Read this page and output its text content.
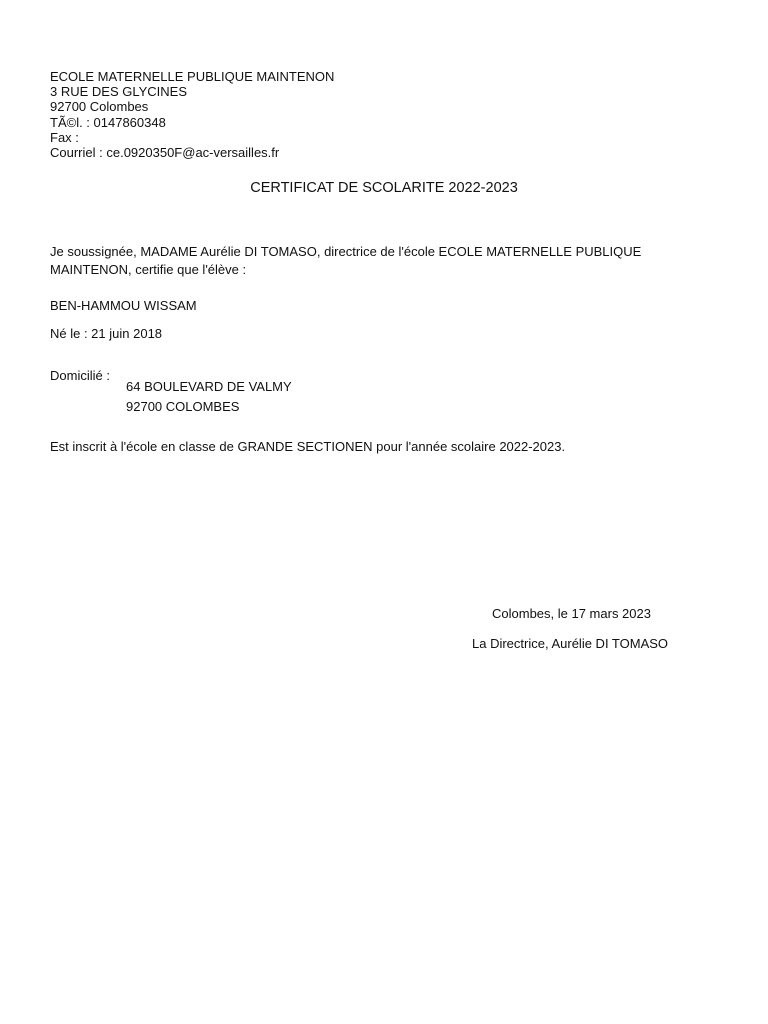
ECOLE MATERNELLE PUBLIQUE MAINTENON
3 RUE DES GLYCINES
92700 Colombes
TÃ©l. : 0147860348
Fax :
Courriel : ce.0920350F@ac-versailles.fr
CERTIFICAT DE SCOLARITE 2022-2023
Je soussignée, MADAME Aurélie DI TOMASO, directrice de l'école ECOLE MATERNELLE PUBLIQUE
MAINTENON, certifie que l'élève :
BEN-HAMMOU WISSAM
Né le : 21 juin 2018
Domicilié :
64 BOULEVARD DE VALMY
92700 COLOMBES
Est inscrit à l'école en classe de GRANDE SECTIONEN pour l'année scolaire 2022-2023.
Colombes, le 17 mars 2023
La Directrice, Aurélie DI TOMASO
